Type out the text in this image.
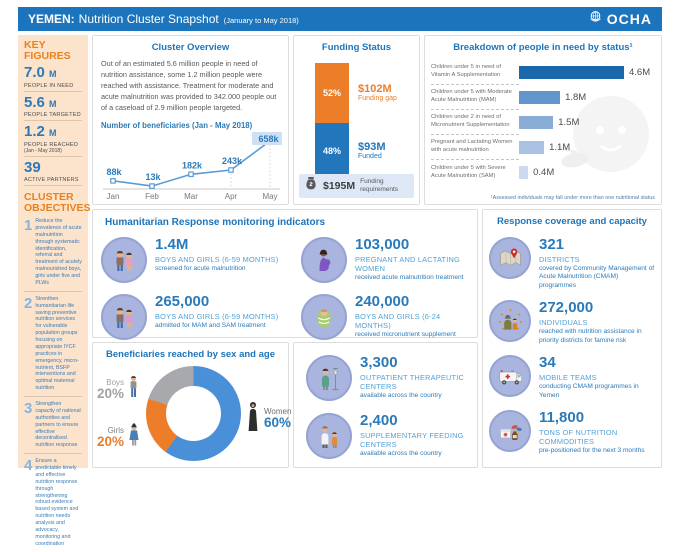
YEMEN: Nutrition Cluster Snapshot (January to May 2018)	OCHA
KEY FIGURES
7.0 M
PEOPLE IN NEED
5.6 M
PEOPLE TARGETED
1.2 M
PEOPLE REACHED
(Jan - May 2018)
39
ACTIVE PARTNERS
CLUSTER OBJECTIVES
1 Reduce the prevalence of acute malnutrition through systematic identification, referral and treatment of acutely malnourished boys, girls under five and PLWs
2 Strenthen humanitarian life saving preventive nutrition services for vulnerable population groups focusing on appropriate IYCF practices in emergency, micro-nutrient, BSFP interventions and optimal maternal nutrition
3 Strengthen capacity of national authorities and partners to ensure effective decentralised nutrition response
4 Ensure a predictable timely and effective nutrition response through strengthening robust evidence based system and nutrition needs analysis and advocacy, monitoring and coordination
Cluster Overview
Out of an estimated 5.6 million people in need of nutrition assistance, some 1.2 million people were reached with assistance. Treatment for moderate and acute malnutrition was provided to 342.000 people out of a caseload of 2.9 million people targeted.
Number of beneficiaries (Jan - May 2018)
88k
13k
182k 243k
658k
Jan	Feb	Mar	Apr	May
Funding Status
52%
48%
$102M
Funding gap
$93M
Funded
$195M Funding requirements
Breakdown of people in need by status¹
Children under 5 in need of Vitamin A Supplementation	4.6M
Children under 5 with Moderate Acute Malnutrition (MAM)	1.8M
Children under 2 in need of Micronutrient Supplementation	1.5M
Pregnant and Lactating Women with acute malnutrition	1.1M
Children under 5 with Severe Acute Malnutrition (SAM)	0.4M
¹Assessed individuals may fall under more than one nutritional status
Humanitarian Response monitoring indicators
1.4M
BOYS AND GIRLS (6-59 MONTHS)
screened for acute malnutrition
103,000
PREGNANT AND LACTATING WOMEN
received acute malnutrition treatment
265,000
BOYS AND GIRLS (6-59 MONTHS)
admitted for MAM and SAM treatment
240,000
BOYS AND GIRLS (6-24 MONTHS)
received micronutrient supplement
Beneficiaries reached by sex and age
Boys
20%
Girls
20%
Women
60%
3,300
OUTPATIENT THERAPEUTIC CENTERS
available across the country
2,400
SUPPLEMENTARY FEEDING CENTERS
available across the country
Response coverage and capacity
321
DISTRICTS
covered by Community Management of Acute Malnutrition (CMAM) programmes
272,000
INDIVIDUALS
reached with nutrition assistance in priority districts for famine risk
34
MOBILE TEAMS
conducting CMAM programmes in Yemen
11,800
TONS OF NUTRITION COMMODITIES
pre-positioned for the next 3 months
